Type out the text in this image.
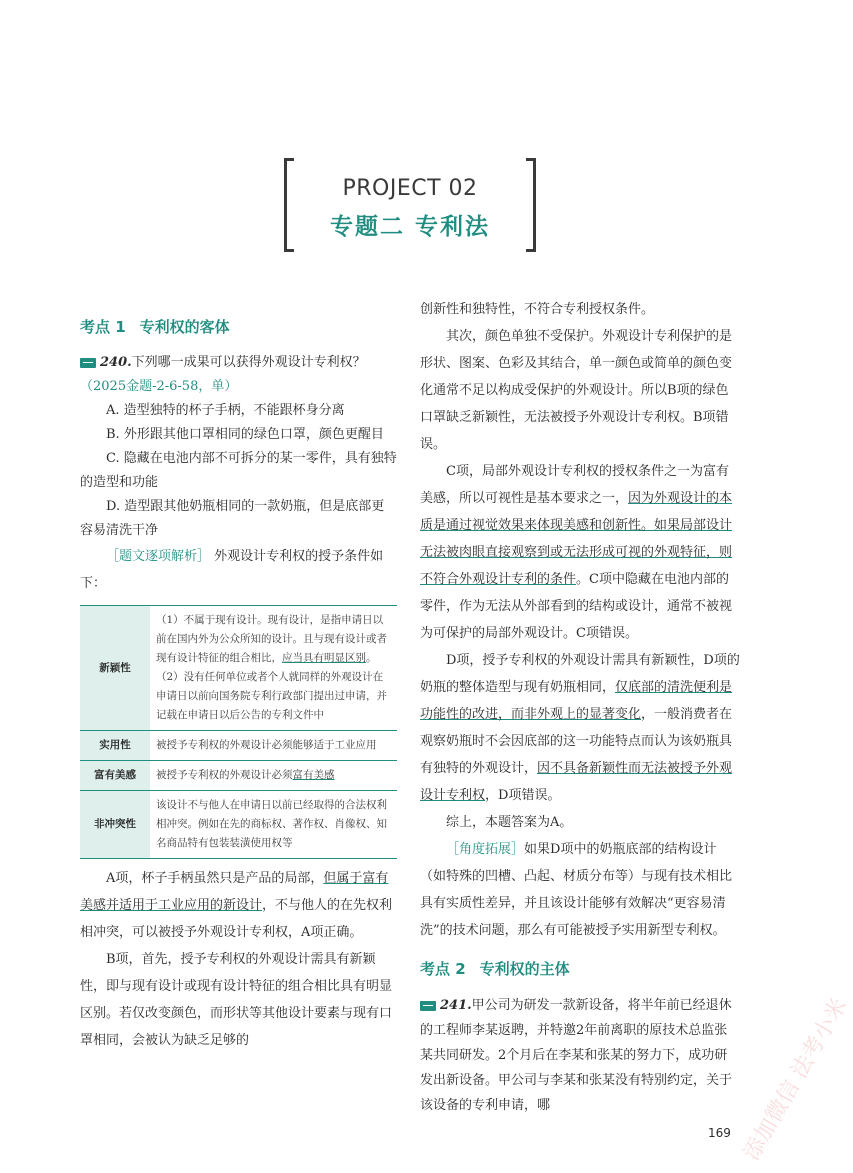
PROJECT 02
专题二 专利法
考点 1 专利权的客体
240.下列哪一成果可以获得外观设计专利权？
（2025金题-2-6-58，单）
A. 造型独特的杯子手柄，不能跟杯身分离
B. 外形跟其他口罩相同的绿色口罩，颜色更醒目
C. 隐藏在电池内部不可拆分的某一零件，具有独特的造型和功能
D. 造型跟其他奶瓶相同的一款奶瓶，但是底部更容易清洗干净

［题文逐项解析］ 外观设计专利权的授予条件如下：

新颖性	（1）不属于现有设计。现有设计，是指申请日以前在国内外为公众所知的设计。且与现有设计或者现有设计特征的组合相比，应当具有明显区别。
（2）没有任何单位或者个人就同样的外观设计在申请日以前向国务院专利行政部门提出过申请，并记载在申请日以后公告的专利文件中
实用性	被授予专利权的外观设计必须能够适于工业应用
富有美感	被授予专利权的外观设计必须富有美感
非冲突性	该设计不与他人在申请日以前已经取得的合法权利相冲突。例如在先的商标权、著作权、肖像权、知名商品特有包装装潢使用权等

A项，杯子手柄虽然只是产品的局部，但属于富有美感并适用于工业应用的新设计，不与他人的在先权利相冲突，可以被授予外观设计专利权，A项正确。

B项，首先，授予专利权的外观设计需具有新颖性，即与现有设计或现有设计特征的组合相比具有明显区别。若仅改变颜色，而形状等其他设计要素与现有口罩相同，会被认为缺乏足够的

创新性和独特性，不符合专利授权条件。

其次，颜色单独不受保护。外观设计专利保护的是形状、图案、色彩及其结合，单一颜色或简单的颜色变化通常不足以构成受保护的外观设计。所以B项的绿色口罩缺乏新颖性，无法被授予外观设计专利权。B项错误。

C项，局部外观设计专利权的授权条件之一为富有美感，所以可视性是基本要求之一，因为外观设计的本质是通过视觉效果来体现美感和创新性。如果局部设计无法被肉眼直接观察到或无法形成可视的外观特征，则不符合外观设计专利的条件。C项中隐藏在电池内部的零件，作为无法从外部看到的结构或设计，通常不被视为可保护的局部外观设计。C项错误。

D项，授予专利权的外观设计需具有新颖性，D项的奶瓶的整体造型与现有奶瓶相同，仅底部的清洗便利是功能性的改进，而非外观上的显著变化，一般消费者在观察奶瓶时不会因底部的这一功能特点而认为该奶瓶具有独特的外观设计，因不具备新颖性而无法被授予外观设计专利权，D项错误。

综上，本题答案为A。

［角度拓展］如果D项中的奶瓶底部的结构设计（如特殊的凹槽、凸起、材质分布等）与现有技术相比具有实质性差异，并且该设计能够有效解决“更容易清洗”的技术问题，那么有可能被授予实用新型专利权。

考点 2 专利权的主体
241.甲公司为研发一款新设备，将半年前已经退休的工程师李某返聘，并特邀2年前离职的原技术总监张某共同研发。2个月后在李某和张某的努力下，成功研发出新设备。甲公司与李某和张某没有特别约定，关于该设备的专利申请，哪
169 添加微信 法考小米
